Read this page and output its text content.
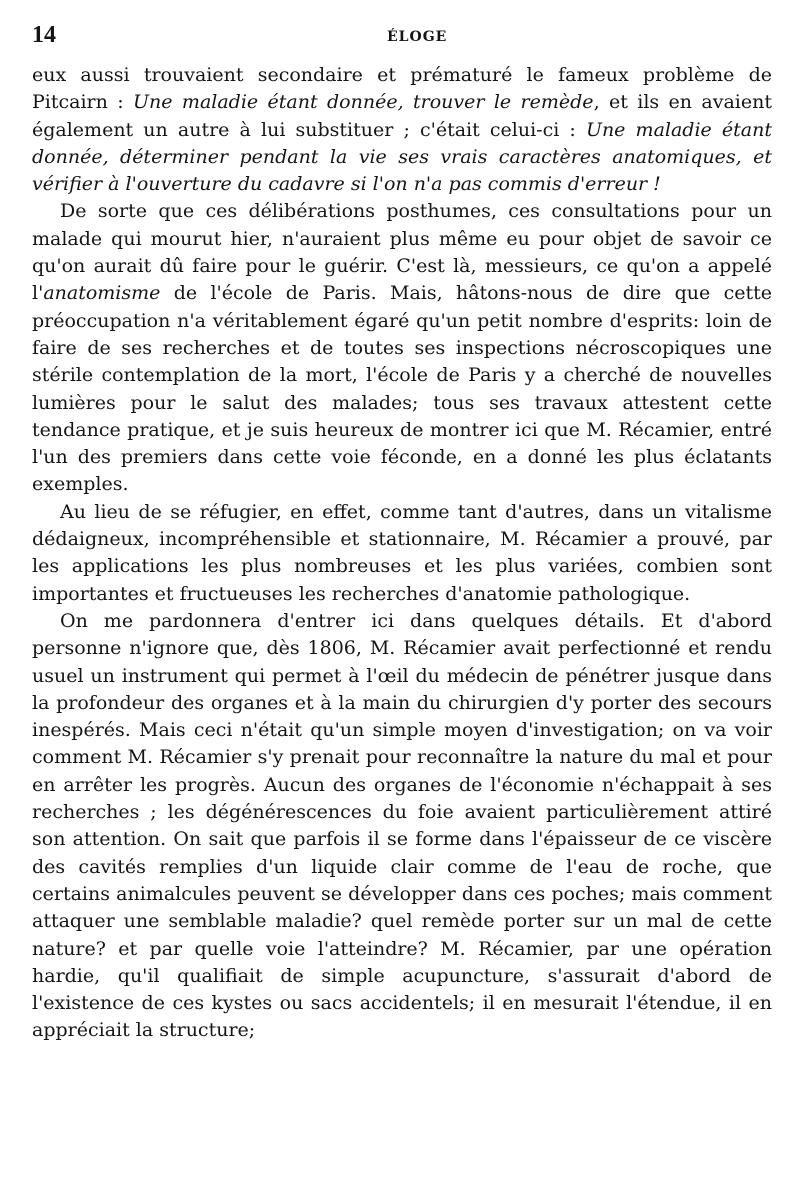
14	ÉLOGE

eux aussi trouvaient secondaire et prématuré le fameux problème de Pitcairn : Une maladie étant donnée, trouver le remède, et ils en avaient également un autre à lui substituer ; c'était celui-ci : Une maladie étant donnée, déterminer pendant la vie ses vrais caractères anatomiques, et vérifier à l'ouverture du cadavre si l'on n'a pas commis d'erreur !

De sorte que ces délibérations posthumes, ces consultations pour un malade qui mourut hier, n'auraient plus même eu pour objet de savoir ce qu'on aurait dû faire pour le guérir. C'est là, messieurs, ce qu'on a appelé l'anatomisme de l'école de Paris. Mais, hâtons-nous de dire que cette préoccupation n'a véritablement égaré qu'un petit nombre d'esprits: loin de faire de ses recherches et de toutes ses inspections nécroscopiques une stérile contemplation de la mort, l'école de Paris y a cherché de nouvelles lumières pour le salut des malades; tous ses travaux attestent cette tendance pratique, et je suis heureux de montrer ici que M. Récamier, entré l'un des premiers dans cette voie féconde, en a donné les plus éclatants exemples.

Au lieu de se réfugier, en effet, comme tant d'autres, dans un vitalisme dédaigneux, incompréhensible et stationnaire, M. Récamier a prouvé, par les applications les plus nombreuses et les plus variées, combien sont importantes et fructueuses les recherches d'anatomie pathologique.

On me pardonnera d'entrer ici dans quelques détails. Et d'abord personne n'ignore que, dès 1806, M. Récamier avait perfectionné et rendu usuel un instrument qui permet à l'œil du médecin de pénétrer jusque dans la profondeur des organes et à la main du chirurgien d'y porter des secours inespérés. Mais ceci n'était qu'un simple moyen d'investigation; on va voir comment M. Récamier s'y prenait pour reconnaître la nature du mal et pour en arrêter les progrès. Aucun des organes de l'économie n'échappait à ses recherches ; les dégénérescences du foie avaient particulièrement attiré son attention. On sait que parfois il se forme dans l'épaisseur de ce viscère des cavités remplies d'un liquide clair comme de l'eau de roche, que certains animalcules peuvent se développer dans ces poches; mais comment attaquer une semblable maladie? quel remède porter sur un mal de cette nature? et par quelle voie l'atteindre? M. Récamier, par une opération hardie, qu'il qualifiait de simple acupuncture, s'assurait d'abord de l'existence de ces kystes ou sacs accidentels; il en mesurait l'étendue, il en appréciait la structure;
